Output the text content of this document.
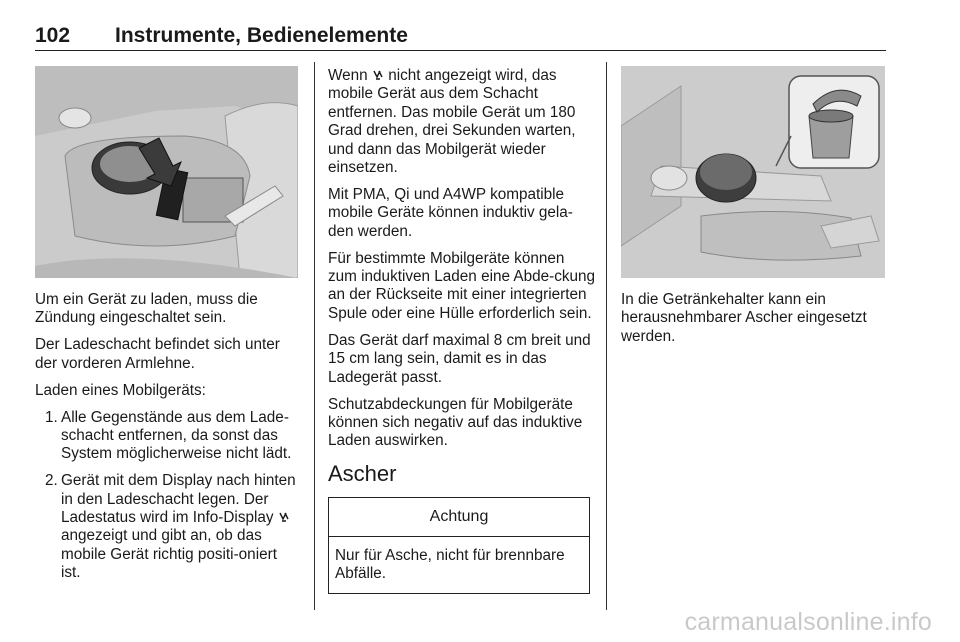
102 Instrumente, Bedienelemente

Um ein Gerät zu laden, muss die Zündung eingeschaltet sein.

Der Ladeschacht befindet sich unter der vorderen Armlehne.

Laden eines Mobilgeräts:

1. Alle Gegenstände aus dem Lade-schacht entfernen, da sonst das System möglicherweise nicht lädt.
2. Gerät mit dem Display nach hinten in den Ladeschacht legen. Der Ladestatus wird im Info-Display  angezeigt und gibt an, ob das mobile Gerät richtig positi-oniert ist.

Wenn nicht angezeigt wird, das mobile Gerät aus dem Schacht entfernen. Das mobile Gerät um 180 Grad drehen, drei Sekunden warten, und dann das Mobilgerät wieder einsetzen.

Mit PMA, Qi und A4WP kompatible mobile Geräte können induktiv gela-den werden.

Für bestimmte Mobilgeräte können zum induktiven Laden eine Abde-ckung an der Rückseite mit einer integrierten Spule oder eine Hülle erforderlich sein.

Das Gerät darf maximal 8 cm breit und 15 cm lang sein, damit es in das Ladegerät passt.

Schutzabdeckungen für Mobilgeräte können sich negativ auf das induktive Laden auswirken.

Ascher
Achtung
Nur für Asche, nicht für brennbare Abfälle.

In die Getränkehalter kann ein herausnehmbarer Ascher eingesetzt werden.

carmanualsonline.info
